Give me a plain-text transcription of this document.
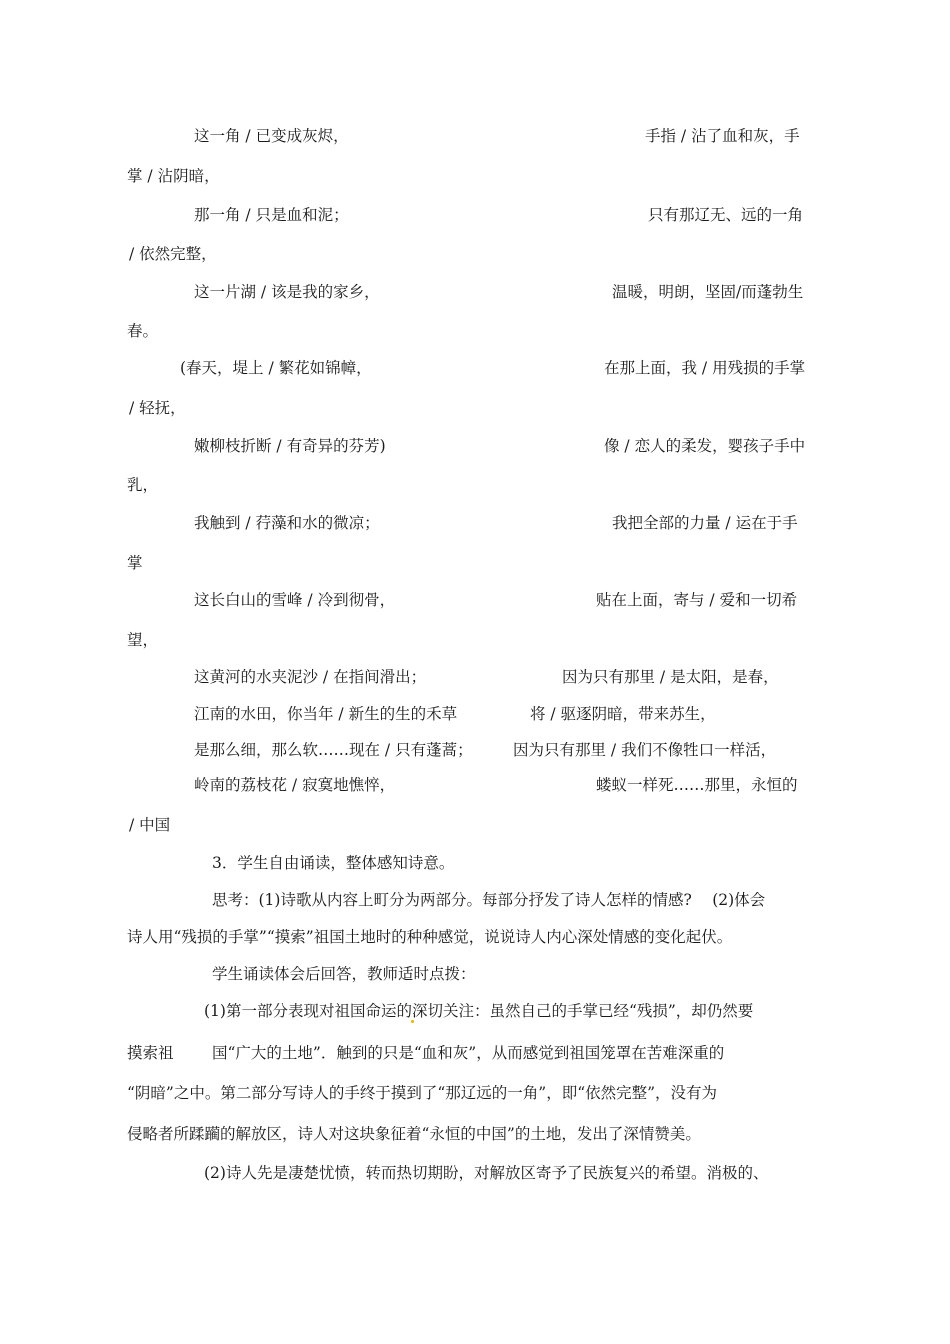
这一角 / 已变成灰烬，	手指 / 沾了血和灰，手
掌 / 沾阴暗，
那一角 / 只是血和泥；	只有那辽无、远的一角
/ 依然完整，
这一片湖 / 该是我的家乡，	温暖，明朗，坚固/而蓬勃生
春。
(春天，堤上 / 繁花如锦幛，	在那上面，我 / 用残损的手掌
/ 轻抚，
嫩柳枝折断 / 有奇异的芬芳)	像 / 恋人的柔发，婴孩子手中
乳，
我触到 / 荇藻和水的微凉；	我把全部的力量 / 运在于手
掌
这长白山的雪峰 / 冷到彻骨，	贴在上面，寄与 / 爱和一切希
望，
这黄河的水夹泥沙 / 在指间滑出；	因为只有那里 / 是太阳，是春，
江南的水田，你当年 / 新生的生的禾草	将 / 驱逐阴暗，带来苏生，
是那么细，那么软……现在 / 只有蓬蒿；	因为只有那里 / 我们不像牲口一样活，
岭南的荔枝花 / 寂寞地憔悴，	蝼蚁一样死……那里，永恒的
/ 中国
3．学生自由诵读，整体感知诗意。
思考：(1)诗歌从内容上町分为两部分。每部分抒发了诗人怎样的情感?　 (2)体会
诗人用“残损的手掌”“摸索”祖国土地时的种种感觉，说说诗人内心深处情感的变化起伏。
学生诵读体会后回答，教师适时点拨：
(1)第一部分表现对祖国命运的深切关注：虽然自己的手掌已经“残损”，却仍然要
摸索祖 国“广大的土地”．触到的只是“血和灰”，从而感觉到祖国笼罩在苦难深重的
“阴暗”之中。第二部分写诗人的手终于摸到了“那辽远的一角”，即“依然完整”，没有为
侵略者所蹂躏的解放区，诗人对这块象征着“永恒的中国”的土地，发出了深情赞美。
(2)诗人先是凄楚忧愤，转而热切期盼，对解放区寄予了民族复兴的希望。消极的、
